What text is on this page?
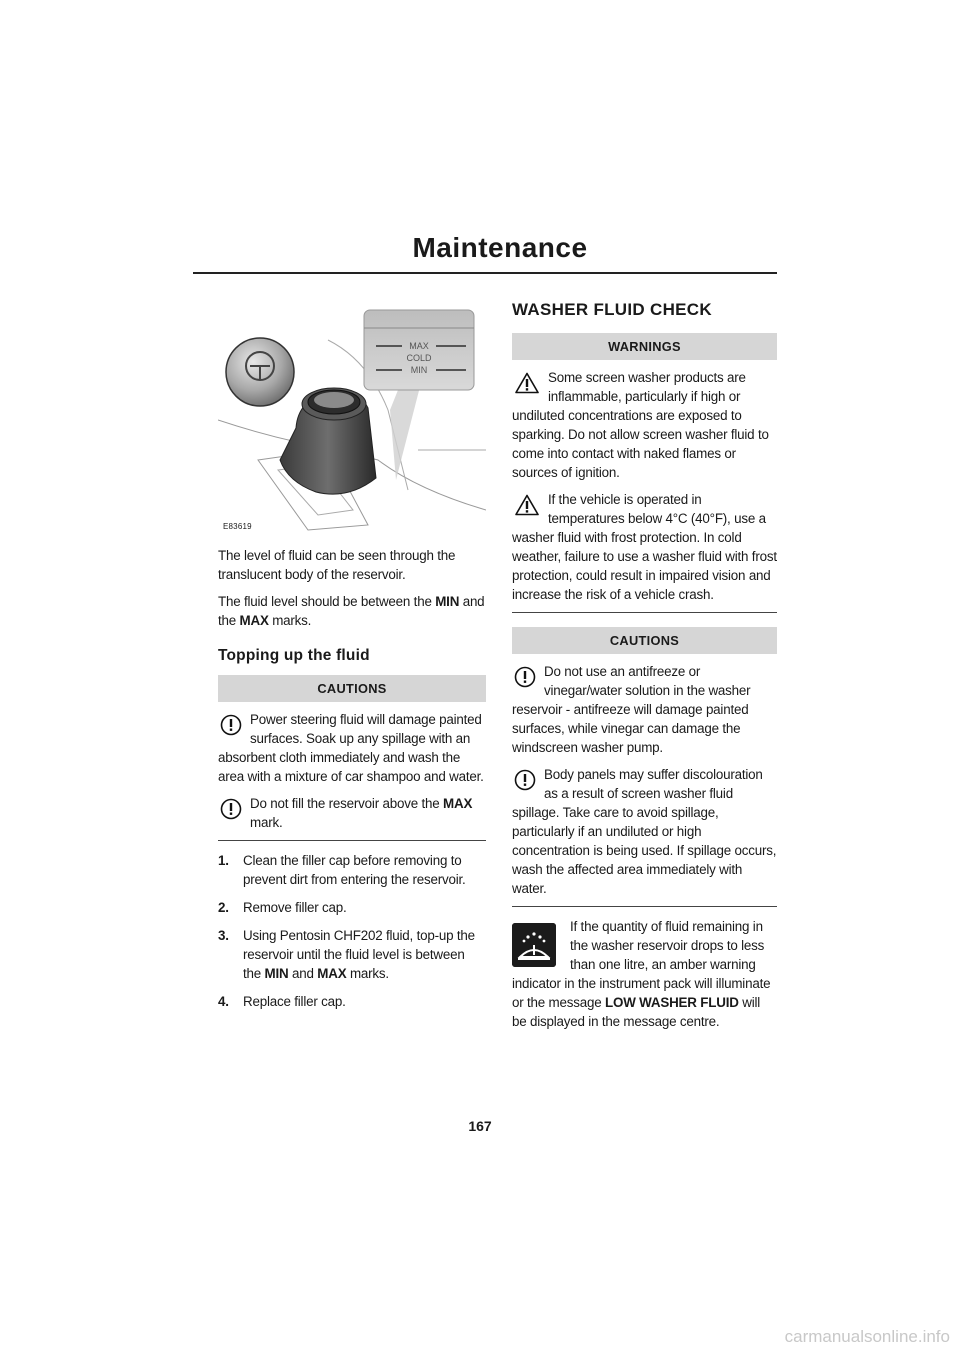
Maintenance
MAX
COLD
MIN
E83619

The level of fluid can be seen through the translucent body of the reservoir.

The fluid level should be between the MIN and the MAX marks.

Topping up the fluid
CAUTIONS
Power steering fluid will damage painted surfaces. Soak up any spillage with an absorbent cloth immediately and wash the area with a mixture of car shampoo and water.
Do not fill the reservoir above the MAX mark.
1. Clean the filler cap before removing to prevent dirt from entering the reservoir.
2. Remove filler cap.
3. Using Pentosin CHF202 fluid, top-up the reservoir until the fluid level is between the MIN and MAX marks.
4. Replace filler cap.
WASHER FLUID CHECK
WARNINGS
Some screen washer products are inflammable, particularly if high or undiluted concentrations are exposed to sparking. Do not allow screen washer fluid to come into contact with naked flames or sources of ignition.
If the vehicle is operated in temperatures below 4°C (40°F), use a washer fluid with frost protection. In cold weather, failure to use a washer fluid with frost protection, could result in impaired vision and increase the risk of a vehicle crash.
CAUTIONS
Do not use an antifreeze or vinegar/water solution in the washer reservoir - antifreeze will damage painted surfaces, while vinegar can damage the windscreen washer pump.
Body panels may suffer discolouration as a result of screen washer fluid spillage. Take care to avoid spillage, particularly if an undiluted or high concentration is being used. If spillage occurs, wash the affected area immediately with water.
If the quantity of fluid remaining in the washer reservoir drops to less than one litre, an amber warning indicator in the instrument pack will illuminate or the message LOW WASHER FLUID will be displayed in the message centre.
167
carmanualsonline.info
